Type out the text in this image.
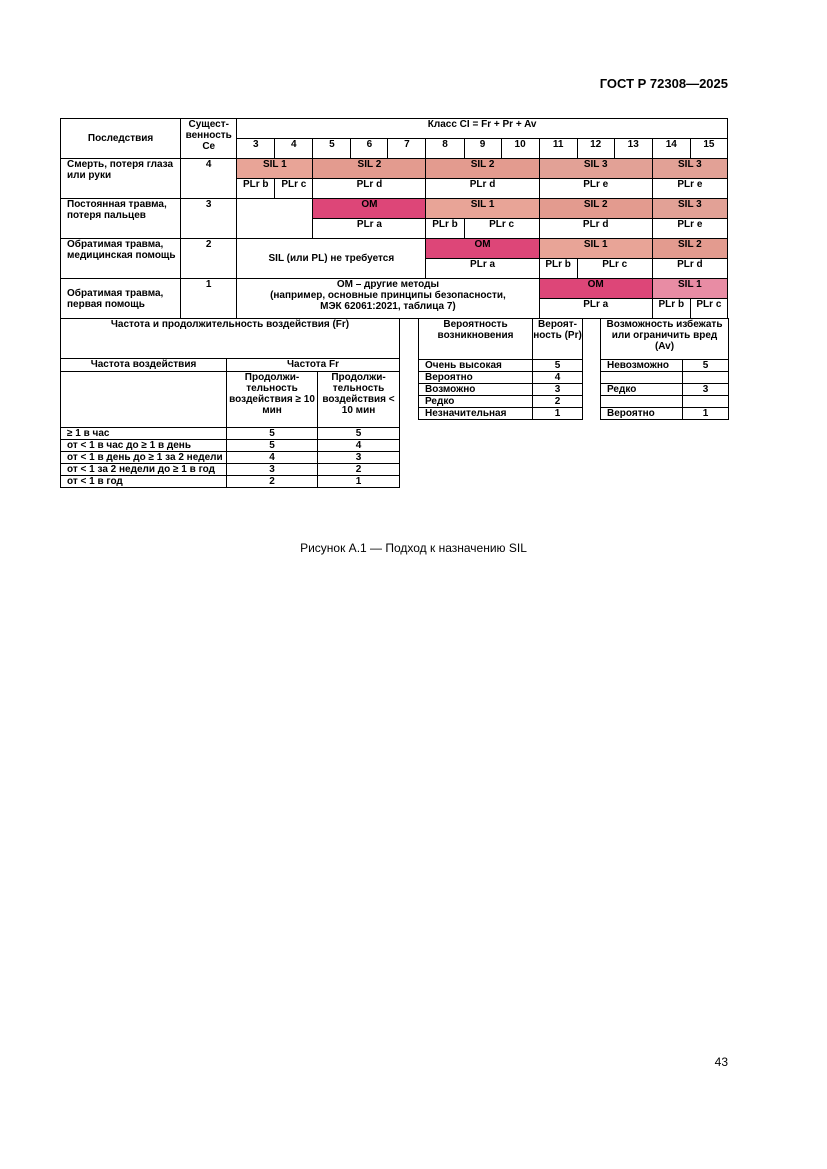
ГОСТ Р 72308—2025
Последствия	Сущест-венность Ce	Класс CI = Fr + Pr + Av												
		3	4	5	6	7	8	9	10	11	12	13	14	15
Смерть, потеря глаза или руки	4	SIL 1		SIL 2			SIL 2			SIL 3			SIL 3	
		PLr b	PLr c	PLr d			PLr d			PLr e			PLr e	
Постоянная травма, потеря пальцев	3			OM			SIL 1			SIL 2			SIL 3	
				PLr a			PLr b	PLr c		PLr d			PLr e	
Обратимая травма, медицинская помощь	2	SIL (или PL) не требуется					OM			SIL 1			SIL 2	
							PLr a			PLr b	PLr c		PLr d	
Обратимая травма, первая помощь	1	OM – другие методы
(например, основные принципы безопасности,
МЭК 62061:2021, таблица 7)								OM			SIL 1	
										PLr a			PLr b	PLr c
Частота и продолжительность воздействия (Fr)		
Частота воздействия	Частота Fr	
	Продолжи-тельность воздействия ≥ 10 мин	Продолжи-тельность воздействия < 10 мин
≥ 1 в час	5	5
от < 1 в час до ≥ 1 в день	5	4
от < 1 в день до ≥ 1 за 2 недели	4	3
от < 1 за 2 недели до ≥ 1 в год	3	2
от < 1 в год	2	1
Вероятность возникновения	Вероят-ность (Pr)
Очень высокая	5
Вероятно	4
Возможно	3
Редко	2
Незначительная	1
Возможность избежать или ограничить вред (Av)	
Невозможно	5

Редко	3

Вероятно	1
Рисунок А.1 — Подход к назначению SIL
43
